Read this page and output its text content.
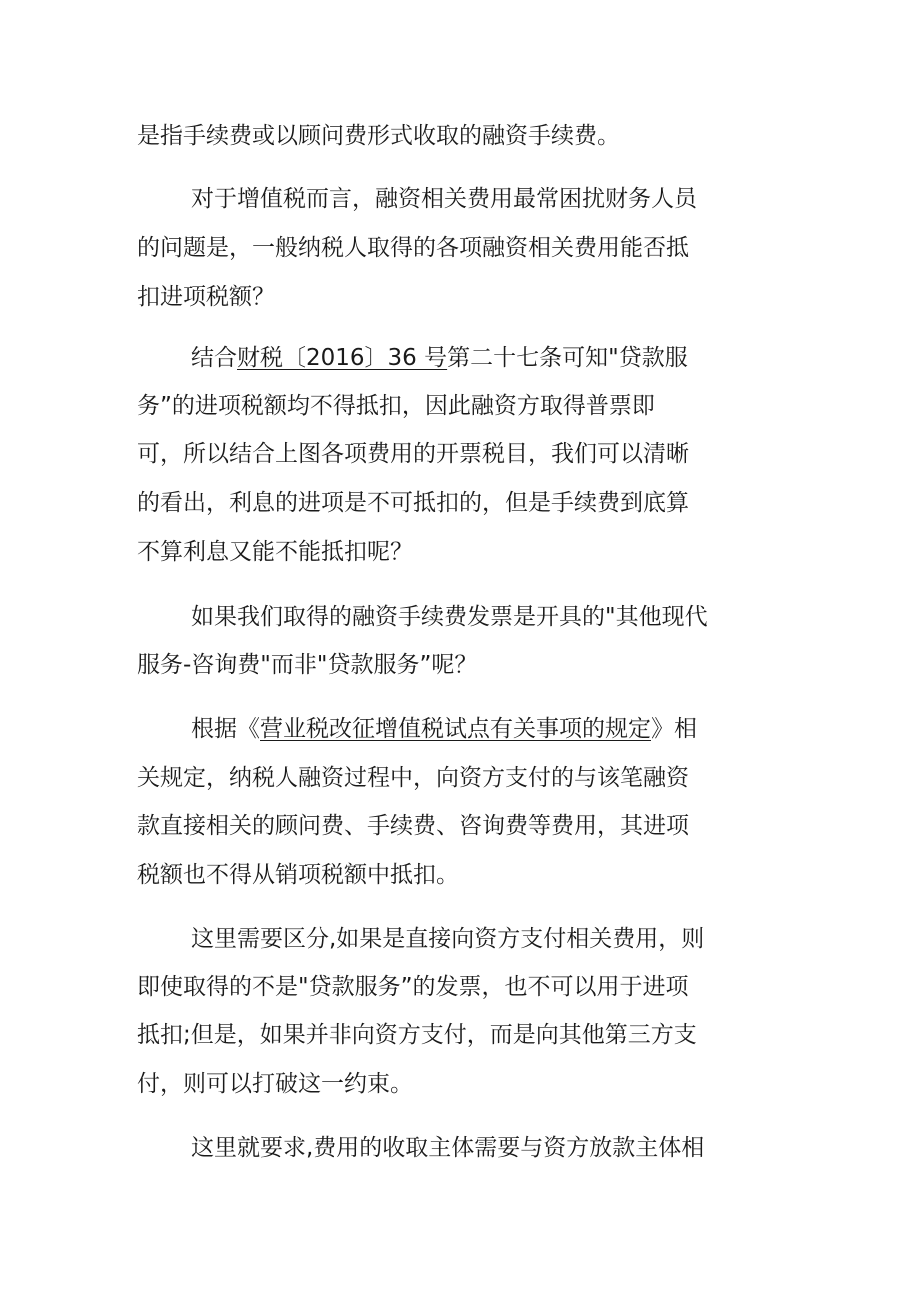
是指手续费或以顾问费形式收取的融资手续费。

对于增值税而言，融资相关费用最常困扰财务人员

的问题是，一般纳税人取得的各项融资相关费用能否抵

扣进项税额？

结合财税〔2016〕36 号第二十七条可知"贷款服

务”的进项税额均不得抵扣，因此融资方取得普票即

可，所以结合上图各项费用的开票税目，我们可以清晰

的看出，利息的进项是不可抵扣的，但是手续费到底算

不算利息又能不能抵扣呢？

如果我们取得的融资手续费发票是开具的"其他现代

服务-咨询费"而非"贷款服务”呢？

根据《营业税改征增值税试点有关事项的规定》相

关规定，纳税人融资过程中，向资方支付的与该笔融资

款直接相关的顾问费、手续费、咨询费等费用，其进项

税额也不得从销项税额中抵扣。

这里需要区分,如果是直接向资方支付相关费用，则

即使取得的不是"贷款服务”的发票，也不可以用于进项

抵扣;但是，如果并非向资方支付，而是向其他第三方支

付，则可以打破这一约束。

这里就要求,费用的收取主体需要与资方放款主体相
